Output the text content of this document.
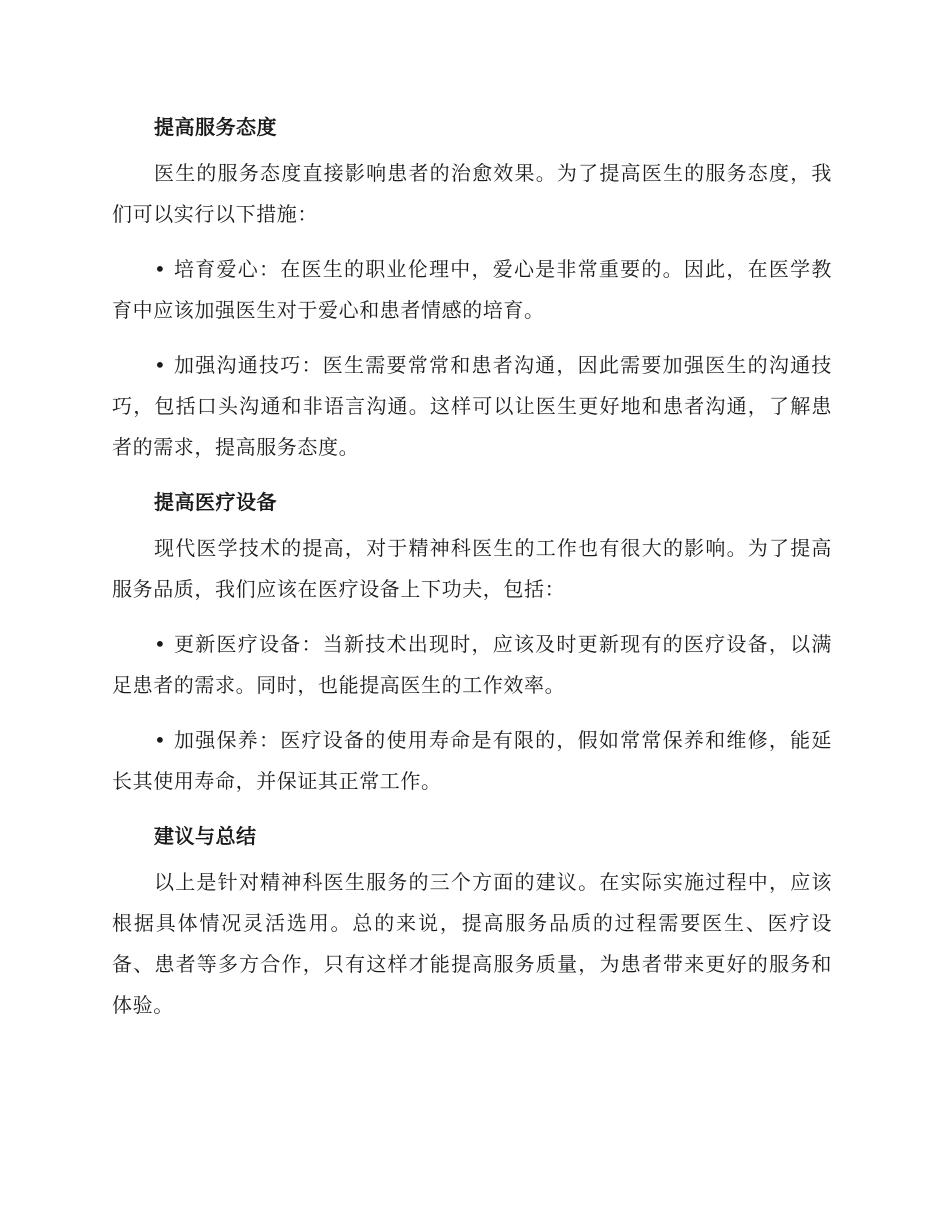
提高服务态度

医生的服务态度直接影响患者的治愈效果。为了提高医生的服务态度，我们可以实行以下措施：

• 培育爱心：在医生的职业伦理中，爱心是非常重要的。因此，在医学教育中应该加强医生对于爱心和患者情感的培育。

• 加强沟通技巧：医生需要常常和患者沟通，因此需要加强医生的沟通技巧，包括口头沟通和非语言沟通。这样可以让医生更好地和患者沟通，了解患者的需求，提高服务态度。

提高医疗设备

现代医学技术的提高，对于精神科医生的工作也有很大的影响。为了提高服务品质，我们应该在医疗设备上下功夫，包括：

• 更新医疗设备：当新技术出现时，应该及时更新现有的医疗设备，以满足患者的需求。同时，也能提高医生的工作效率。

• 加强保养：医疗设备的使用寿命是有限的，假如常常保养和维修，能延长其使用寿命，并保证其正常工作。

建议与总结

以上是针对精神科医生服务的三个方面的建议。在实际实施过程中，应该根据具体情况灵活选用。总的来说，提高服务品质的过程需要医生、医疗设备、患者等多方合作，只有这样才能提高服务质量，为患者带来更好的服务和体验。
